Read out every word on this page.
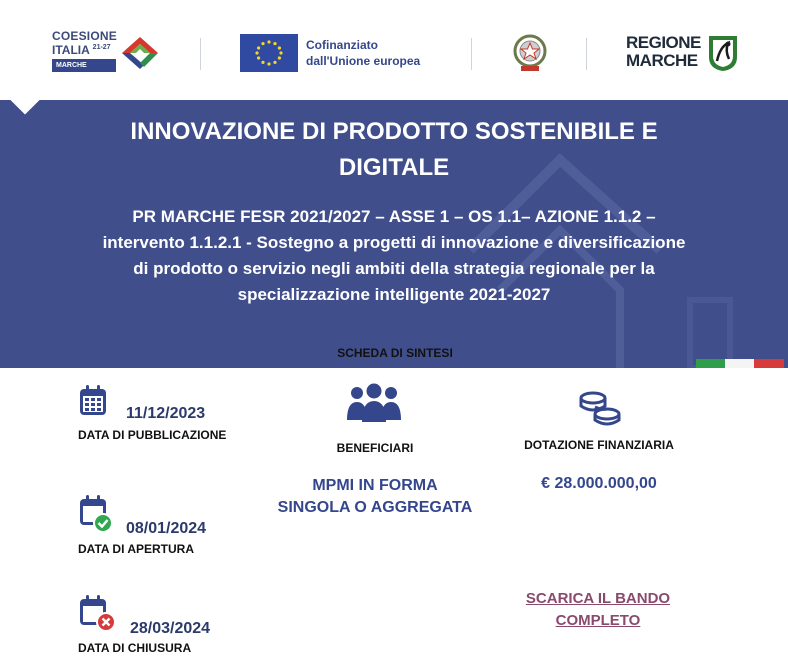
COESIONE
ITALIA $^{21-27}$
MARCHE
Cofinanziato
dall'Unione europea
REGIONE
MARCHE
INNOVAZIONE DI PRODOTTO SOSTENIBILE E
DIGITALE
PR MARCHE FESR 2021/2027 – ASSE 1 – OS 1.1– AZIONE 1.1.2 –
intervento 1.1.2.1 - Sostegno a progetti di innovazione e diversificazione
di prodotto o servizio negli ambiti della strategia regionale per la
specializzazione intelligente 2021-2027
SCHEDA DI SINTESI
11/12/2023
DATA DI PUBBLICAZIONE
08/01/2024
DATA DI APERTURA
28/03/2024
DATA DI CHIUSURA
BENEFICIARI
MPMI IN FORMA
SINGOLA O AGGREGATA
DOTAZIONE FINANZIARIA
€ 28.000.000,00
SCARICA IL BANDO
COMPLETO
